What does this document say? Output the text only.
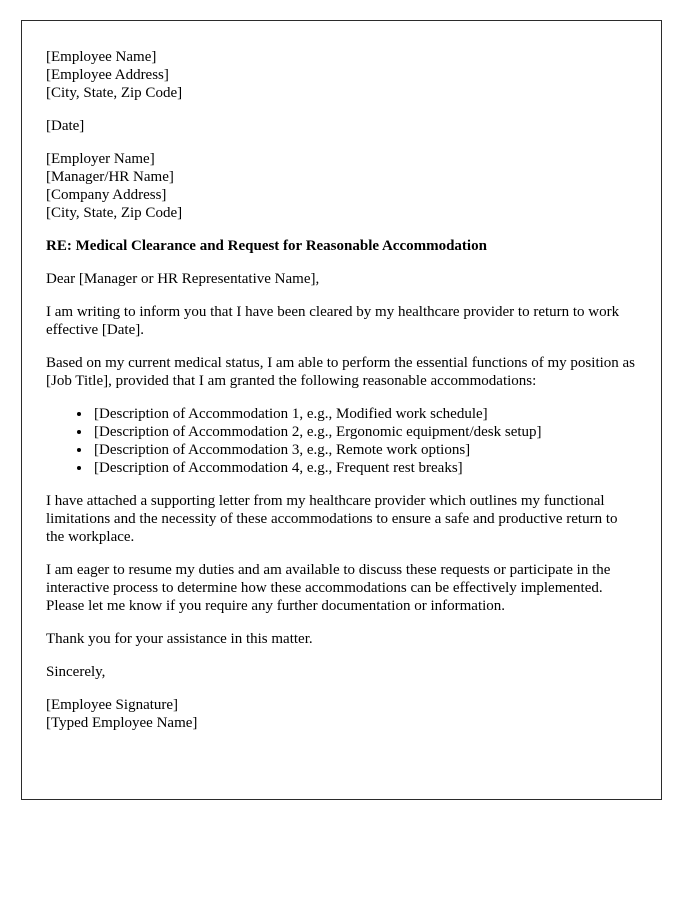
[Employee Name]
[Employee Address]
[City, State, Zip Code]
[Date]
[Employer Name]
[Manager/HR Name]
[Company Address]
[City, State, Zip Code]

RE: Medical Clearance and Request for Reasonable Accommodation

Dear [Manager or HR Representative Name],

I am writing to inform you that I have been cleared by my healthcare provider to return to work effective [Date].

Based on my current medical status, I am able to perform the essential functions of my position as [Job Title], provided that I am granted the following reasonable accommodations:

• [Description of Accommodation 1, e.g., Modified work schedule]
• [Description of Accommodation 2, e.g., Ergonomic equipment/desk setup]
• [Description of Accommodation 3, e.g., Remote work options]
• [Description of Accommodation 4, e.g., Frequent rest breaks]

I have attached a supporting letter from my healthcare provider which outlines my functional limitations and the necessity of these accommodations to ensure a safe and productive return to the workplace.

I am eager to resume my duties and am available to discuss these requests or participate in the interactive process to determine how these accommodations can be effectively implemented. Please let me know if you require any further documentation or information.

Thank you for your assistance in this matter.

Sincerely,

[Employee Signature]
[Typed Employee Name]
